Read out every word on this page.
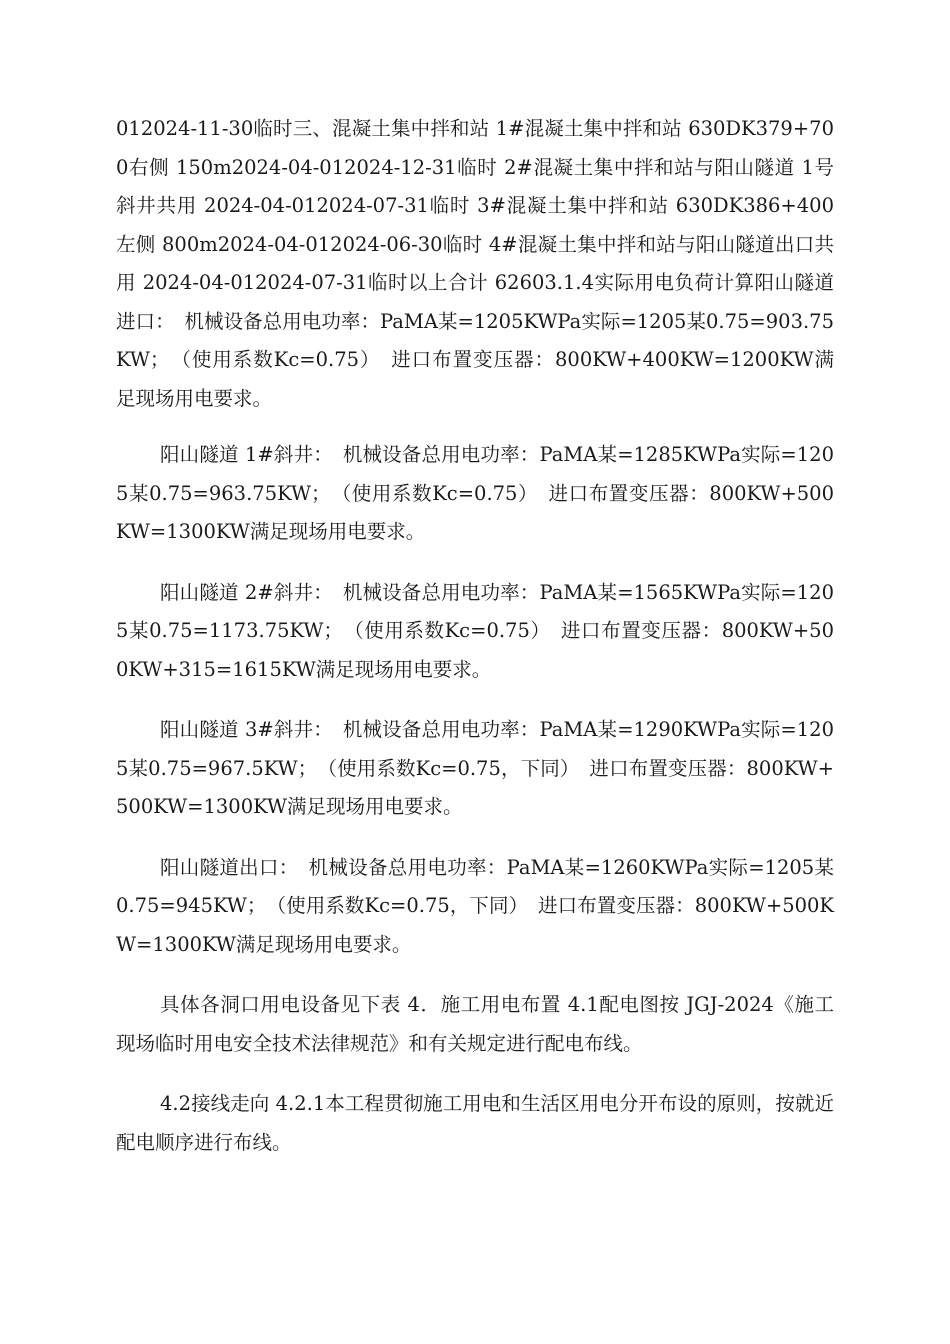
012024-11-30临时三、混凝土集中拌和站 1#混凝土集中拌和站 630DK379+700右侧 150m2024-04-012024-12-31临时 2#混凝土集中拌和站与阳山隧道 1号斜井共用 2024-04-012024-07-31临时 3#混凝土集中拌和站 630DK386+400左侧 800m2024-04-012024-06-30临时 4#混凝土集中拌和站与阳山隧道出口共用 2024-04-012024-07-31临时以上合计 62603.1.4实际用电负荷计算阳山隧道进口：　机械设备总用电功率：PaMA某=1205KWPa实际=1205某0.75=903.75KW；　（使用系数Kc=0.75）　进口布置变压器：800KW+400KW=1200KW满足现场用电要求。

阳山隧道 1#斜井：　机械设备总用电功率：PaMA某=1285KWPa实际=1205某0.75=963.75KW；　（使用系数Kc=0.75）　进口布置变压器：800KW+500KW=1300KW满足现场用电要求。

阳山隧道 2#斜井：　机械设备总用电功率：PaMA某=1565KWPa实际=1205某0.75=1173.75KW；　（使用系数Kc=0.75）　进口布置变压器：800KW+500KW+315=1615KW满足现场用电要求。

阳山隧道 3#斜井：　机械设备总用电功率：PaMA某=1290KWPa实际=1205某0.75=967.5KW；　（使用系数Kc=0.75，下同）　进口布置变压器：800KW+500KW=1300KW满足现场用电要求。

阳山隧道出口：　机械设备总用电功率：PaMA某=1260KWPa实际=1205某0.75=945KW；　（使用系数Kc=0.75，下同）　进口布置变压器：800KW+500KW=1300KW满足现场用电要求。

具体各洞口用电设备见下表 4．施工用电布置 4.1配电图按 JGJ-2024《施工现场临时用电安全技术法律规范》和有关规定进行配电布线。

4.2接线走向 4.2.1本工程贯彻施工用电和生活区用电分开布设的原则，按就近配电顺序进行布线。
